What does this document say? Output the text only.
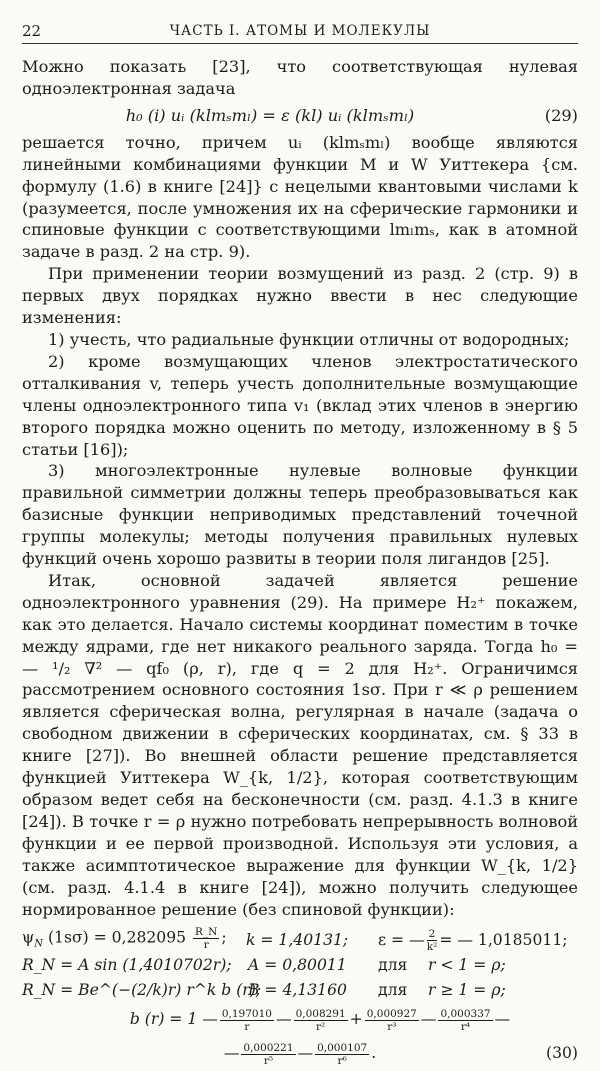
22	ЧАСТЬ I. АТОМЫ И МОЛЕКУЛЫ

Можно показать [23], что соответствующая нулевая одноэлектронная задача

h₀ (i) uᵢ (klmₛmₗ) = ε (kl) uᵢ (klmₛmₗ)	(29)

решается точно, причем uᵢ (klmₛmₗ) вообще являются линейными комбинациями функции M и W Уиттекера {см. формулу (1.6) в книге [24]} с нецелыми квантовыми числами k (разумеется, после умножения их на сферические гармоники и спиновые функции с соответствующими lmₗmₛ, как в атомной задаче в разд. 2 на стр. 9).

При применении теории возмущений из разд. 2 (стр. 9) в первых двух порядках нужно ввести в нес следующие изменения:

1) учесть, что радиальные функции отличны от водородных;

2) кроме возмущающих членов электростатического отталкивания v, теперь учесть дополнительные возмущающие члены одноэлектронного типа v₁ (вклад этих членов в энергию второго порядка можно оценить по методу, изложенному в § 5 статьи [16]);

3) многоэлектронные нулевые волновые функции правильной симметрии должны теперь преобразовываться как базисные функции неприводимых представлений точечной группы молекулы; методы получения правильных нулевых функций очень хорошо развиты в теории поля лигандов [25].

Итак, основной задачей является решение одноэлектронного уравнения (29). На примере H₂⁺ покажем, как это делается. Начало системы координат поместим в точке между ядрами, где нет никакого реального заряда. Тогда h₀ = — ¹/₂ ∇² — qf₀ (ρ, r), где q = 2 для H₂⁺. Ограничимся рассмотрением основного состояния 1sσ. При r ≪ ρ решением является сферическая волна, регулярная в начале (задача о свободном движении в сферических координатах, см. § 33 в книге [27]). Во внешней области решение представляется функцией Уиттекера W_{k, 1/2}, которая соответствующим образом ведет себя на бесконечности (см. разд. 4.1.3 в книге [24]). В точке r = ρ нужно потребовать непрерывность волновой функции и ее первой производной. Используя эти условия, а также асимптотическое выражение для функции W_{k, 1/2} (см. разд. 4.1.4 в книге [24]), можно получить следующее нормированное решение (без спиновой функции):

$\psi_N$ $(1s\sigma) = 0,282095 \frac{R\_N}{r}$ ; k = 1,40131;	ε = — $\frac{2}{\text{k²}}$ = — 1,0185011;
R_N = A sin (1,4010702r);	A = 0,80011	для	r < 1 = ρ;
R_N = Be^(−(2/k)r) r^k b (r);
B = 4,13160	для	r ≥ 1 = ρ;
b (r) = 1 — $\frac{0,197010}{r}$ — $\frac{0,008291}{\text{r²}} + \frac{0,000927}{\text{r³}}$ — $\frac{0,000337}{\text{r⁴}}$ —
— $\frac{0,000221}{\text{r⁵}}$ — $\frac{0,000107}{\text{r⁶}}$ .	(30)
